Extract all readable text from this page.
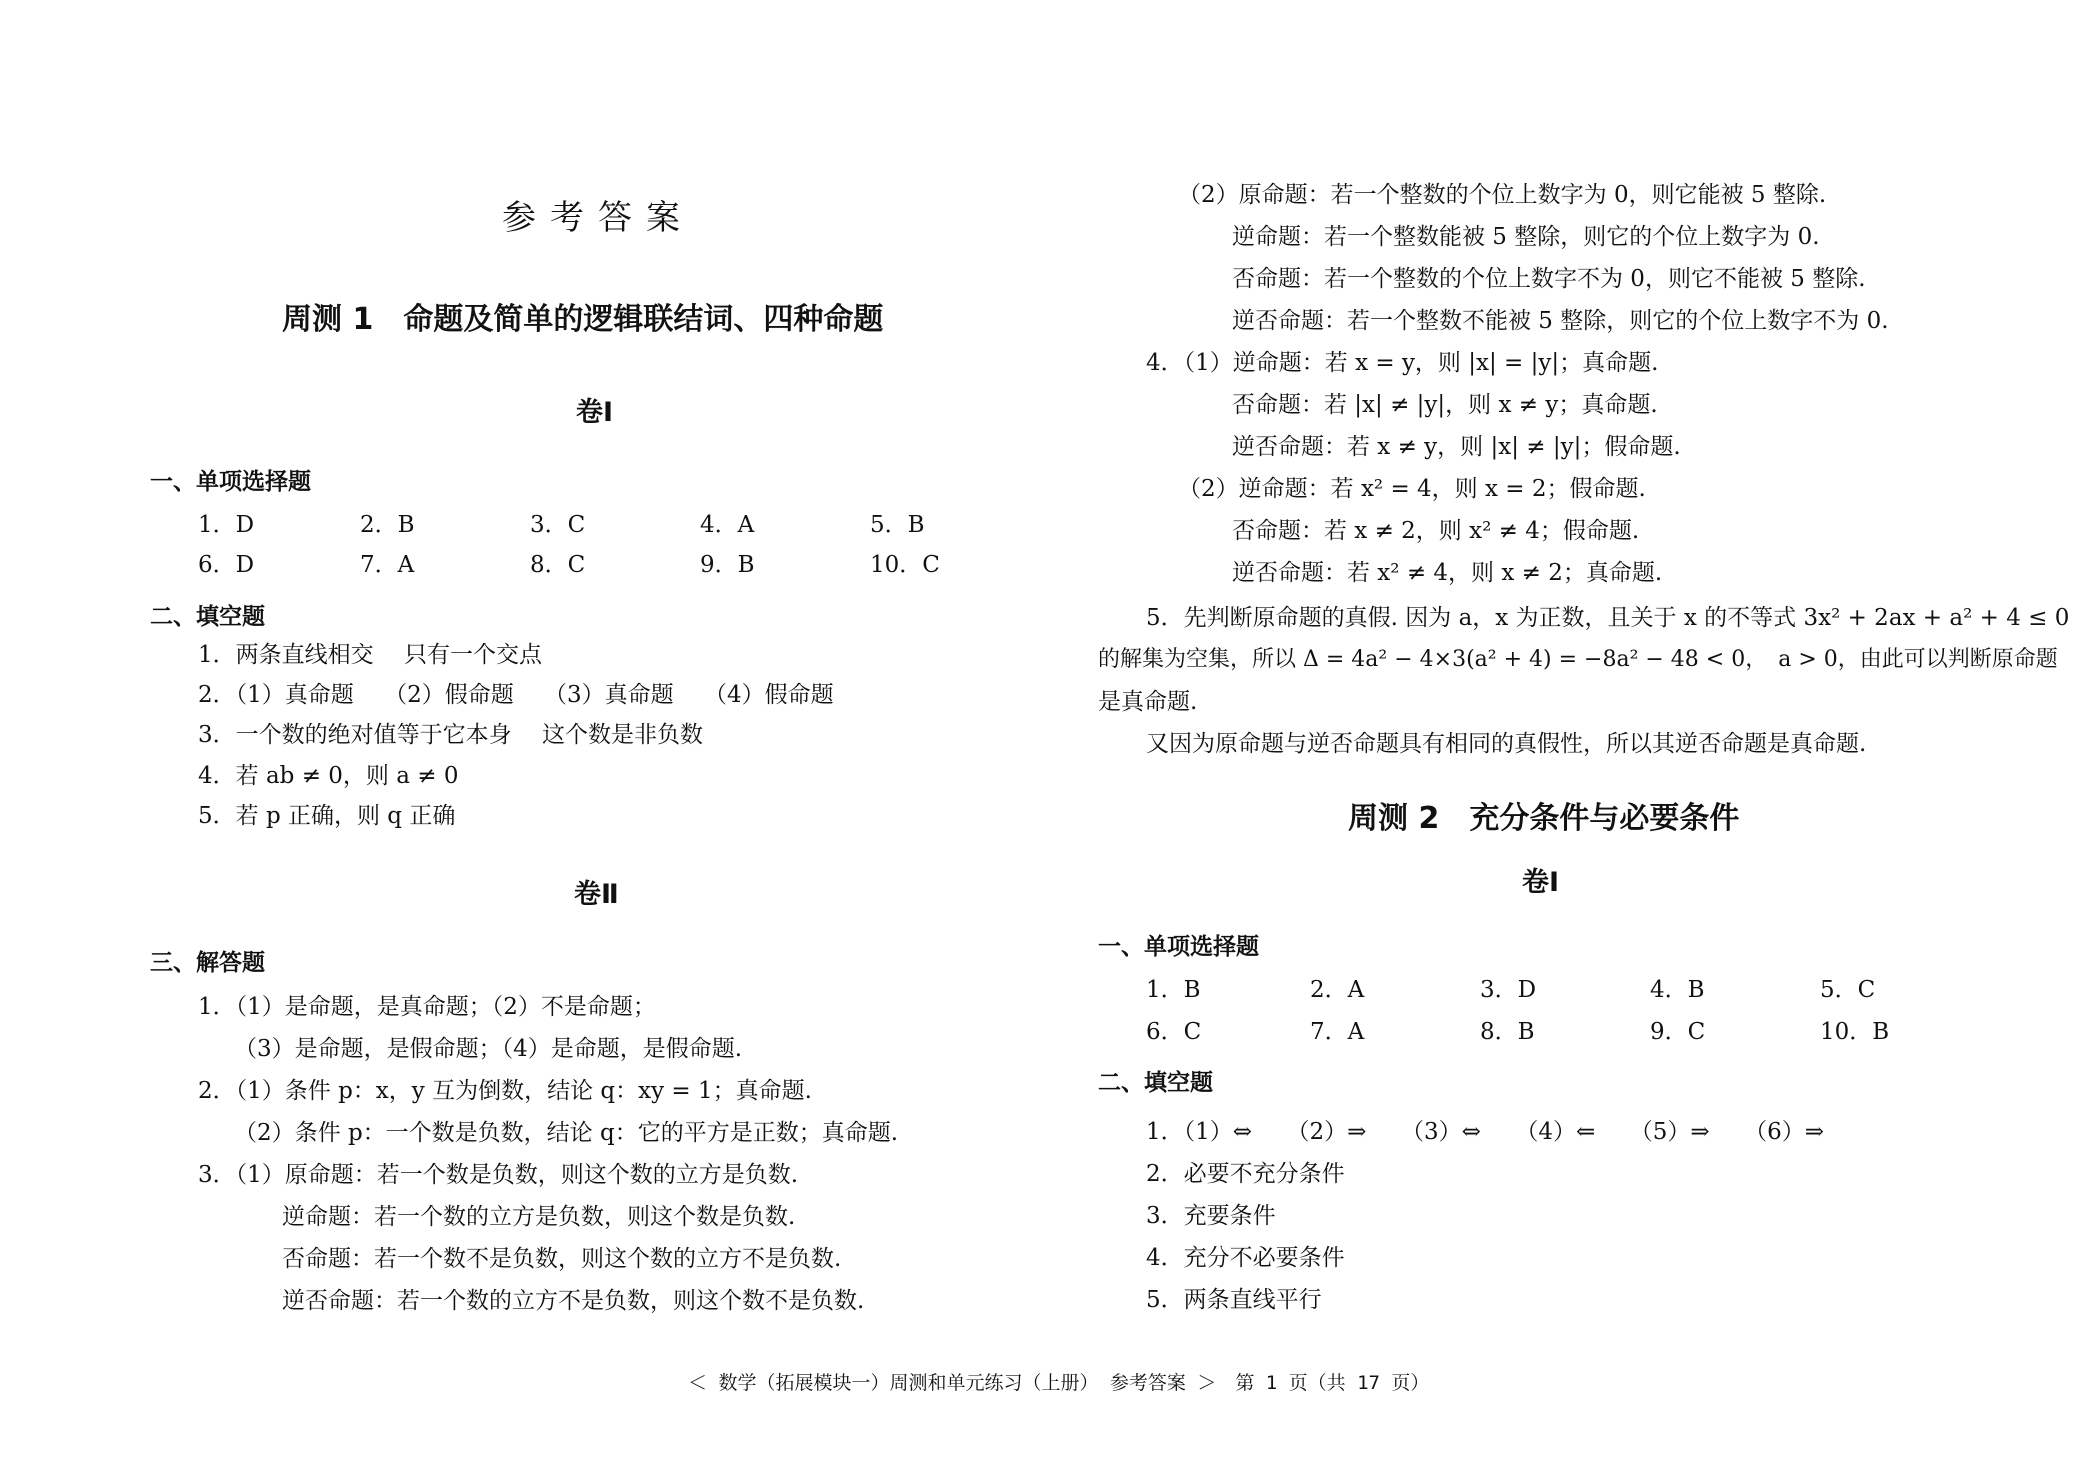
参考答案
周测 1　命题及简单的逻辑联结词、四种命题
卷Ⅰ
一、单项选择题
1．D	2．B	3．C	4．A	5．B
6．D	7．A	8．C	9．B	10．C
二、填空题
1．两条直线相交　 只有一个交点
2．（1）真命题　 （2）假命题　 （3）真命题　 （4）假命题
3．一个数的绝对值等于它本身　 这个数是非负数
4．若 ab ≠ 0，则 a ≠ 0
5．若 p 正确，则 q 正确
卷Ⅱ
三、解答题
1．（1）是命题，是真命题；（2）不是命题；
（3）是命题，是假命题；（4）是命题，是假命题.
2．（1）条件 p：x，y 互为倒数，结论 q：xy = 1；真命题.
（2）条件 p：一个数是负数，结论 q：它的平方是正数；真命题.
3．（1）原命题：若一个数是负数，则这个数的立方是负数.
逆命题：若一个数的立方是负数，则这个数是负数.
否命题：若一个数不是负数，则这个数的立方不是负数.
逆否命题：若一个数的立方不是负数，则这个数不是负数.
（2）原命题：若一个整数的个位上数字为 0，则它能被 5 整除.
逆命题：若一个整数能被 5 整除，则它的个位上数字为 0.
否命题：若一个整数的个位上数字不为 0，则它不能被 5 整除.
逆否命题：若一个整数不能被 5 整除，则它的个位上数字不为 0.
4．（1）逆命题：若 x = y，则 |x| = |y|；真命题.
否命题：若 |x| ≠ |y|，则 x ≠ y；真命题.
逆否命题：若 x ≠ y，则 |x| ≠ |y|；假命题.
（2）逆命题：若 x² = 4，则 x = 2；假命题.
否命题：若 x ≠ 2，则 x² ≠ 4；假命题.
逆否命题：若 x² ≠ 4，则 x ≠ 2；真命题.
5．先判断原命题的真假. 因为 a，x 为正数，且关于 x 的不等式 3x² + 2ax + a² + 4 ≤ 0
的解集为空集，所以 Δ = 4a² − 4×3(a² + 4) = −8a² − 48 < 0，　a > 0，由此可以判断原命题
是真命题.
又因为原命题与逆否命题具有相同的真假性，所以其逆否命题是真命题.
周测 2　充分条件与必要条件
卷Ⅰ
一、单项选择题
1．B	2．A	3．D	4．B	5．C
6．C	7．A	8．B	9．C	10．B
二、填空题
1．（1）⇔　　（2）⇒　　（3）⇔　　（4）⇐　　（5）⇒　　（6）⇒
2．必要不充分条件
3．充要条件
4．充分不必要条件
5．两条直线平行
＜ 数学（拓展模块一）周测和单元练习（上册） 参考答案 ＞　第 1 页（共 17 页）
